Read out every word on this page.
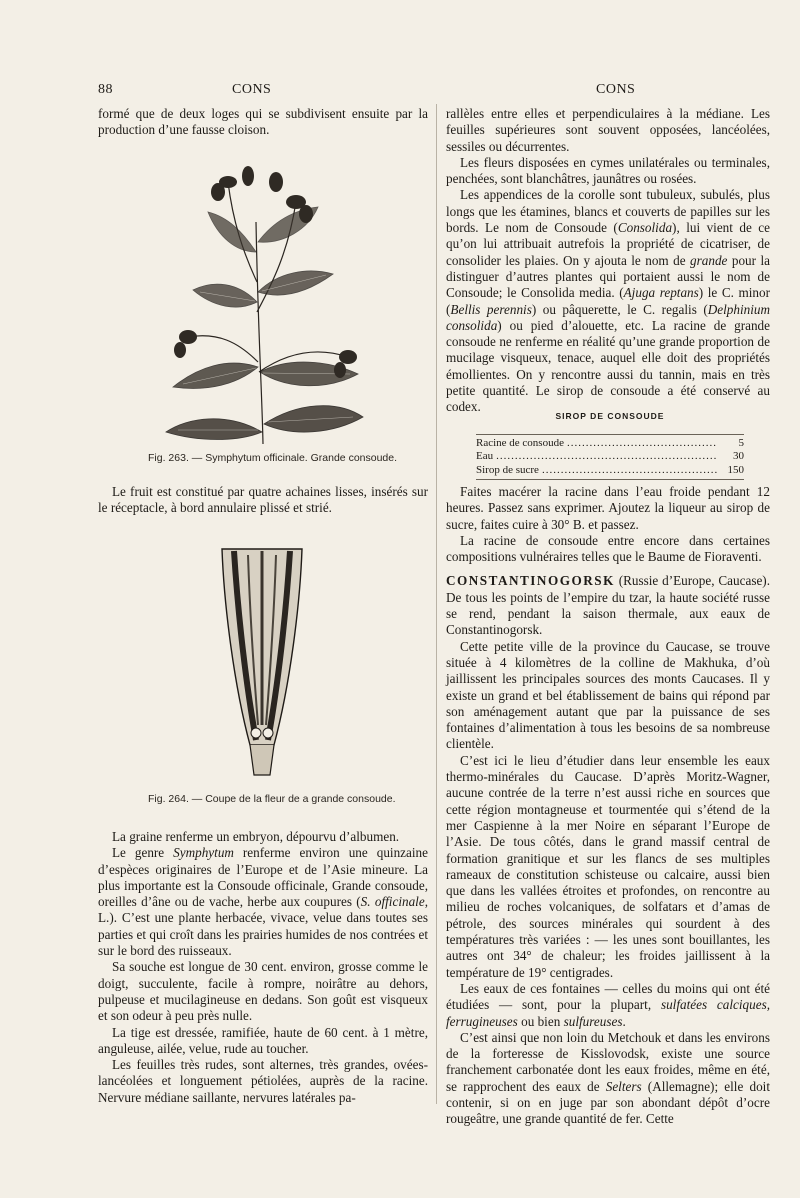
88	CONS	CONS

formé que de deux loges qui se subdivisent ensuite par la production d’une fausse cloison.

Fig. 263. — Symphytum officinale. Grande consoude.

Le fruit est constitué par quatre achaines lisses, insérés sur le réceptacle, à bord annulaire plissé et strié.

Fig. 264. — Coupe de la fleur de a grande consoude.

La graine renferme un embryon, dépourvu d’albumen.

Le genre Symphytum renferme environ une quinzaine d’espèces originaires de l’Europe et de l’Asie mineure. La plus importante est la Consoude officinale, Grande consoude, oreilles d’âne ou de vache, herbe aux coupures (S. officinale, L.). C’est une plante herbacée, vivace, velue dans toutes ses parties et qui croît dans les prairies humides de nos contrées et sur le bord des ruisseaux.

Sa souche est longue de 30 cent. environ, grosse comme le doigt, succulente, facile à rompre, noirâtre au dehors, pulpeuse et mucilagineuse en dedans. Son goût est visqueux et son odeur à peu près nulle.

La tige est dressée, ramifiée, haute de 60 cent. à 1 mètre, anguleuse, ailée, velue, rude au toucher.

Les feuilles très rudes, sont alternes, très grandes, ovées-lancéolées et longuement pétiolées, auprès de la racine. Nervure médiane saillante, nervures latérales pa-

rallèles entre elles et perpendiculaires à la médiane. Les feuilles supérieures sont souvent opposées, lancéolées, sessiles ou décurrentes.

Les fleurs disposées en cymes unilatérales ou terminales, penchées, sont blanchâtres, jaunâtres ou rosées.

Les appendices de la corolle sont tubuleux, subulés, plus longs que les étamines, blancs et couverts de papilles sur les bords. Le nom de Consoude (Consolida), lui vient de ce qu’on lui attribuait autrefois la propriété de cicatriser, de consolider les plaies. On y ajouta le nom de grande pour la distinguer d’autres plantes qui portaient aussi le nom de Consoude; le Consolida media. (Ajuga reptans) le C. minor (Bellis perennis) ou pâquerette, le C. regalis (Delphinium consolida) ou pied d’alouette, etc. La racine de grande consoude ne renferme en réalité qu’une grande proportion de mucilage visqueux, tenace, auquel elle doit des propriétés émollientes. On y rencontre aussi du tannin, mais en très petite quantité. Le sirop de consoude a été conservé au codex.

SIROP DE CONSOUDE
Racine de consoude .....	5
Eau .....	30
Sirop de sucre .....	150

Faites macérer la racine dans l’eau froide pendant 12 heures. Passez sans exprimer. Ajoutez la liqueur au sirop de sucre, faites cuire à 30° B. et passez.

La racine de consoude entre encore dans certaines compositions vulnéraires telles que le Baume de Fioraventi.

CONSTANTINOGORSK (Russie d’Europe, Caucase). De tous les points de l’empire du tzar, la haute société russe se rend, pendant la saison thermale, aux eaux de Constantinogorsk.

Cette petite ville de la province du Caucase, se trouve située à 4 kilomètres de la colline de Makhuka, d’où jaillissent les principales sources des monts Caucases. Il y existe un grand et bel établissement de bains qui répond par son aménagement autant que par la puissance de ses fontaines d’alimentation à tous les besoins de sa nombreuse clientèle.

C’est ici le lieu d’étudier dans leur ensemble les eaux thermo-minérales du Caucase. D’après Moritz-Wagner, aucune contrée de la terre n’est aussi riche en sources que cette région montagneuse et tourmentée qui s’étend de la mer Caspienne à la mer Noire en séparant l’Europe de l’Asie. De tous côtés, dans le grand massif central de formation granitique et sur les flancs de ses multiples rameaux de constitution schisteuse ou calcaire, aussi bien que dans les vallées étroites et profondes, on rencontre au milieu de roches volcaniques, de solfatars et d’amas de pétrole, des sources minérales qui sourdent à des températures très variées : — les unes sont bouillantes, les autres ont 34° de chaleur; les froides jaillissent à la température de 19° centigrades.

Les eaux de ces fontaines — celles du moins qui ont été étudiées — sont, pour la plupart, sulfatées calciques, ferrugineuses ou bien sulfureuses.

C’est ainsi que non loin du Metchouk et dans les environs de la forteresse de Kisslovodsk, existe une source franchement carbonatée dont les eaux froides, même en été, se rapprochent des eaux de Selters (Allemagne); elle doit contenir, si on en juge par son abondant dépôt d’ocre rougeâtre, une grande quantité de fer. Cette
